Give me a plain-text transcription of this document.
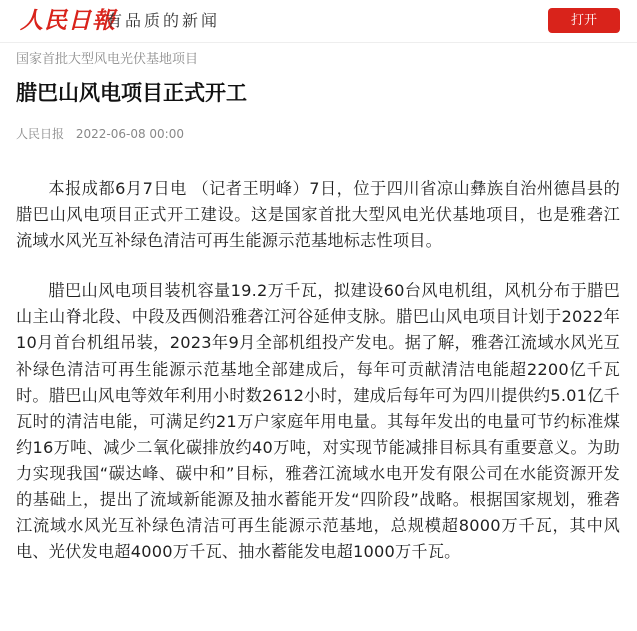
人民日報
有品质的新闻	打开
国家首批大型风电光伏基地项目
腊巴山风电项目正式开工
人民日报 2022-06-08 00:00

本报成都6月7日电 （记者王明峰）7日，位于四川省凉山彝族自治州德昌县的腊巴山风电项目正式开工建设。这是国家首批大型风电光伏基地项目，也是雅砻江流域水风光互补绿色清洁可再生能源示范基地标志性项目。

腊巴山风电项目装机容量19.2万千瓦，拟建设60台风电机组，风机分布于腊巴山主山脊北段、中段及西侧沿雅砻江河谷延伸支脉。腊巴山风电项目计划于2022年10月首台机组吊装，2023年9月全部机组投产发电。据了解，雅砻江流域水风光互补绿色清洁可再生能源示范基地全部建成后，每年可贡献清洁电能超2200亿千瓦时。腊巴山风电等效年利用小时数2612小时，建成后每年可为四川提供约5.01亿千瓦时的清洁电能，可满足约21万户家庭年用电量。其每年发出的电量可节约标准煤约16万吨、减少二氧化碳排放约40万吨，对实现节能减排目标具有重要意义。为助力实现我国“碳达峰、碳中和”目标，雅砻江流域水电开发有限公司在水能资源开发的基础上，提出了流域新能源及抽水蓄能开发“四阶段”战略。根据国家规划，雅砻江流域水风光互补绿色清洁可再生能源示范基地，总规模超8000万千瓦，其中风电、光伏发电超4000万千瓦、抽水蓄能发电超1000万千瓦。
